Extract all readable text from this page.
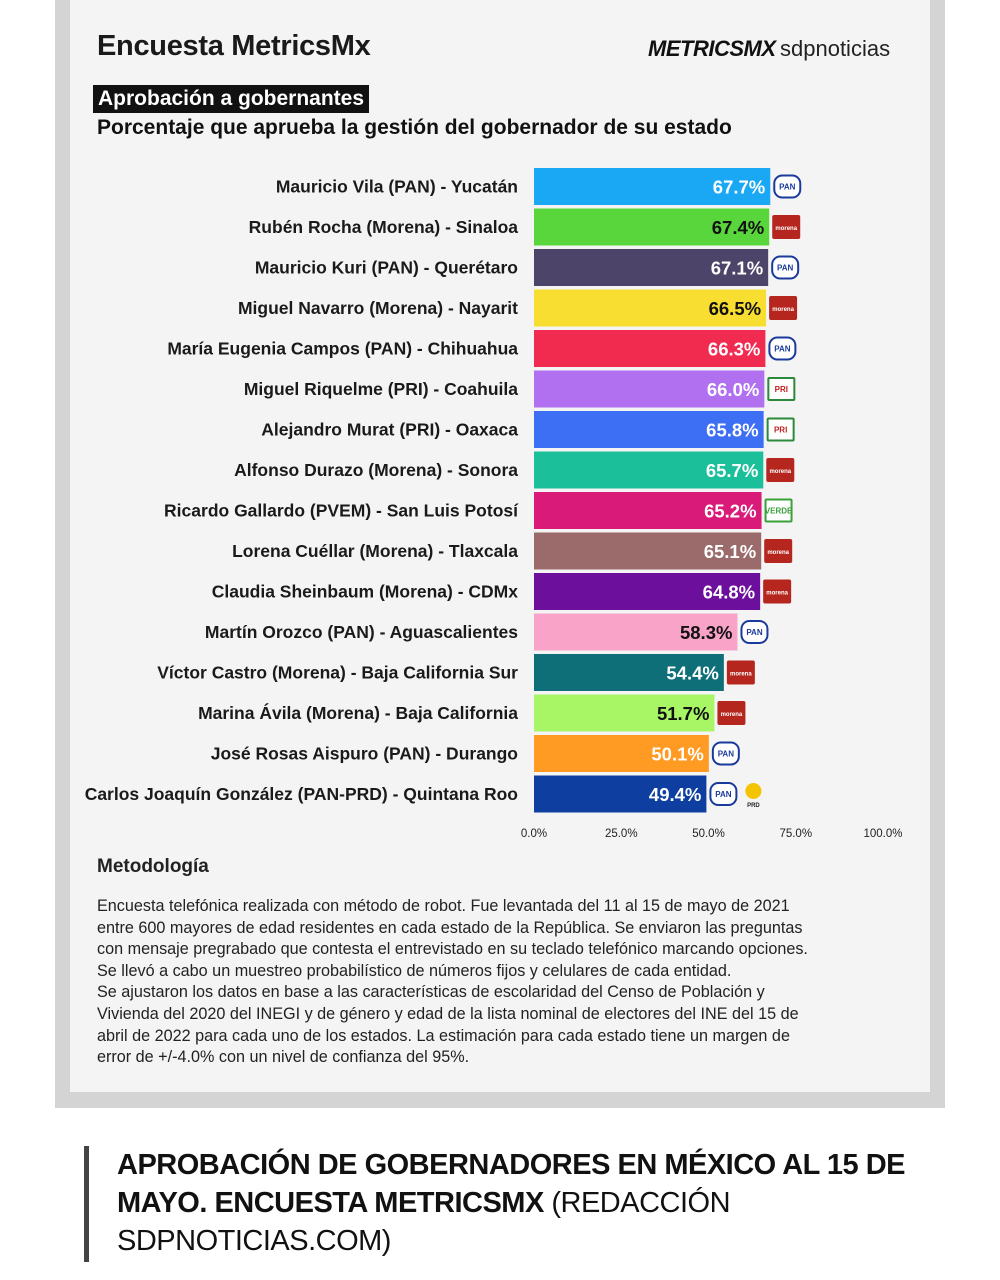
Encuesta MetricsMx	METRICSMX sdpnoticias
Aprobación a gobernantes
Porcentaje que aprueba la gestión del gobernador de su estado
Mauricio Vila (PAN) - Yucatán	67.7% PAN
Rubén Rocha (Morena) - Sinaloa	67.4% morena
Mauricio Kuri (PAN) - Querétaro	67.1% PAN
Miguel Navarro (Morena) - Nayarit	66.5% morena
María Eugenia Campos (PAN) - Chihuahua	66.3% PAN
Miguel Riquelme (PRI) - Coahuila	66.0% PRI
Alejandro Murat (PRI) - Oaxaca	65.8% PRI
Alfonso Durazo (Morena) - Sonora	65.7% morena
Ricardo Gallardo (PVEM) - San Luis Potosí	65.2% VERDE
Lorena Cuéllar (Morena) - Tlaxcala	65.1% morena
Claudia Sheinbaum (Morena) - CDMx	64.8% morena
Martín Orozco (PAN) - Aguascalientes	58.3% PAN
Víctor Castro (Morena) - Baja California Sur	54.4% morena
Marina Ávila (Morena) - Baja California	51.7% morena
José Rosas Aispuro (PAN) - Durango	50.1% PAN
Carlos Joaquín González (PAN-PRD) - Quintana Roo	49.4% PAN
PRD
0.0%	25.0%	50.0%	75.0%	100.0%
Metodología
Encuesta telefónica realizada con método de robot. Fue levantada del 11 al 15 de mayo de 2021
entre 600 mayores de edad residentes en cada estado de la República. Se enviaron las preguntas
con mensaje pregrabado que contesta el entrevistado en su teclado telefónico marcando opciones.
Se llevó a cabo un muestreo probabilístico de números fijos y celulares de cada entidad.
Se ajustaron los datos en base a las características de escolaridad del Censo de Población y
Vivienda del 2020 del INEGI y de género y edad de la lista nominal de electores del INE del 15 de
abril de 2022 para cada uno de los estados. La estimación para cada estado tiene un margen de
error de +/-4.0% con un nivel de confianza del 95%.
APROBACIÓN DE GOBERNADORES EN MÉXICO AL 15 DE MAYO. ENCUESTA METRICSMX (REDACCIÓN SDPNOTICIAS.COM)
